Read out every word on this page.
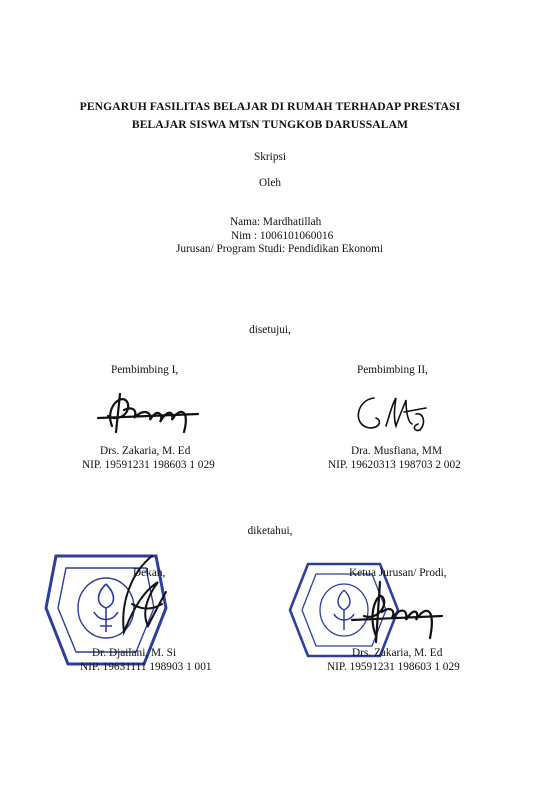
PENGARUH FASILITAS BELAJAR DI RUMAH TERHADAP PRESTASI
BELAJAR SISWA MTsN TUNGKOB DARUSSALAM
Skripsi
Oleh
Nama: Mardhatillah
Nim : 1006101060016
Jurusan/ Program Studi: Pendidikan Ekonomi
disetujui,
Pembimbing I,
Drs. Zakaria, M. Ed
NIP. 19591231 198603 1 029
Pembimbing II,
Dra. Musfiana, MM
NIP. 19620313 198703 2 002
diketahui,
Dekan,
Dr. Djailani, M. Si
NIP. 19631111 198903 1 001
Ketua Jurusan/ Prodi,
Drs. Zakaria, M. Ed
NIP. 19591231 198603 1 029
